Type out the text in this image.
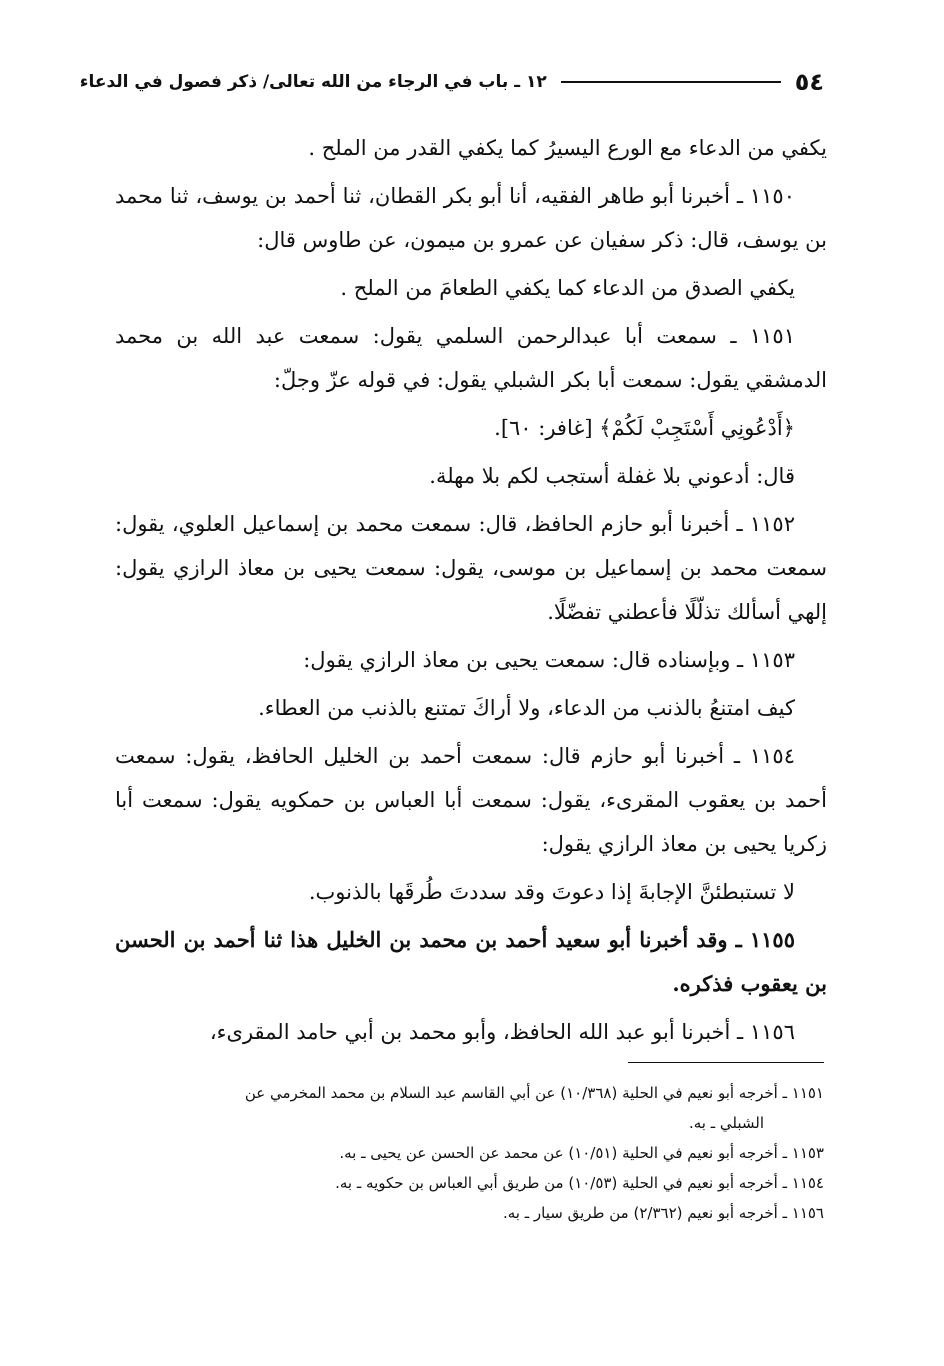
٥٤
١٢ ـ باب في الرجاء من الله تعالى/ ذكر فصول في الدعاء

يكفي من الدعاء مع الورع اليسيرُ كما يكفي القدر من الملح .

١١٥٠ ـ أخبرنا أبو طاهر الفقيه، أنا أبو بكر القطان، ثنا أحمد بن يوسف، ثنا محمد بن يوسف، قال: ذكر سفيان عن عمرو بن ميمون، عن طاوس قال:

يكفي الصدق من الدعاء كما يكفي الطعامَ من الملح .

١١٥١ ـ سمعت أبا عبدالرحمن السلمي يقول: سمعت عبد الله بن محمد الدمشقي يقول: سمعت أبا بكر الشبلي يقول: في قوله عزّ وجلّ:

﴿أَدْعُونِي أَسْتَجِبْ لَكُمْ﴾ [غافر: ٦٠].

قال: أدعوني بلا غفلة أستجب لكم بلا مهلة.

١١٥٢ ـ أخبرنا أبو حازم الحافظ، قال: سمعت محمد بن إسماعيل العلوي، يقول: سمعت محمد بن إسماعيل بن موسى، يقول: سمعت يحيى بن معاذ الرازي يقول: إلهي أسألك تذلّلًا فأعطني تفضّلًا.

١١٥٣ ـ وبإسناده قال: سمعت يحيى بن معاذ الرازي يقول:

كيف امتنعُ بالذنب من الدعاء، ولا أراكَ تمتنع بالذنب من العطاء.

١١٥٤ ـ أخبرنا أبو حازم قال: سمعت أحمد بن الخليل الحافظ، يقول: سمعت أحمد بن يعقوب المقرىء، يقول: سمعت أبا العباس بن حمكويه يقول: سمعت أبا زكريا يحيى بن معاذ الرازي يقول:

لا تستبطئنَّ الإجابةَ إذا دعوتَ وقد سددتَ طُرقَها بالذنوب.

١١٥٥ ـ وقد أخبرنا أبو سعيد أحمد بن محمد بن الخليل هذا ثنا أحمد بن الحسن بن يعقوب فذكره.

١١٥٦ ـ أخبرنا أبو عبد الله الحافظ، وأبو محمد بن أبي حامد المقرىء،

١١٥١ ـ أخرجه أبو نعيم في الحلية (١٠/٣٦٨) عن أبي القاسم عبد السلام بن محمد المخرمي عن

الشبلي ـ به.

١١٥٣ ـ أخرجه أبو نعيم في الحلية (١٠/٥١) عن محمد عن الحسن عن يحيى ـ به.

١١٥٤ ـ أخرجه أبو نعيم في الحلية (١٠/٥٣) من طريق أبي العباس بن حكويه ـ به.

١١٥٦ ـ أخرجه أبو نعيم (٢/٣٦٢) من طريق سيار ـ به.
